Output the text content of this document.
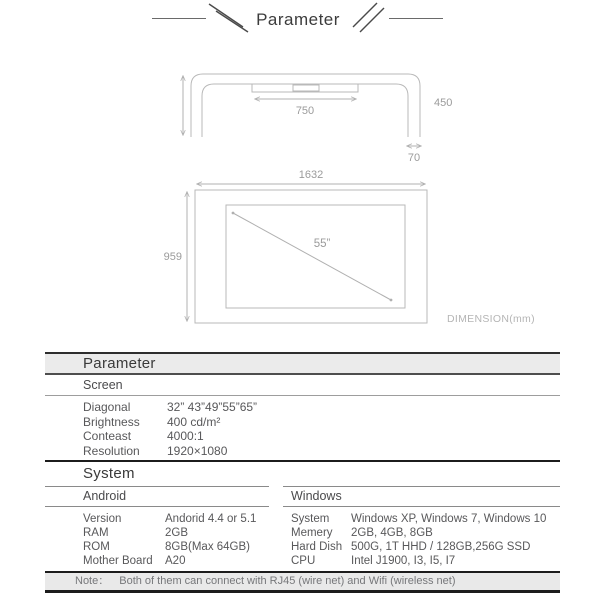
Parameter
750
450
70
1632
959
55”
DIMENSION(mm)
Parameter
Screen
Diagonal	32” 43”49”55”65”
Brightness	400 cd/m²
Conteast	4000:1
Resolution	1920×1080
System
Android
Version	Andorid 4.4 or 5.1
RAM	2GB
ROM	8GB(Max 64GB)
Mother Board	A20
Windows
System	Windows XP, Windows 7, Windows 10
Memery	2GB, 4GB, 8GB
Hard Dish 500G, 1T HHD / 128GB,256G SSD
CPU	Intel J1900, I3, I5, I7
Note： Both of them can connect with RJ45 (wire net) and Wifi (wireless net)
